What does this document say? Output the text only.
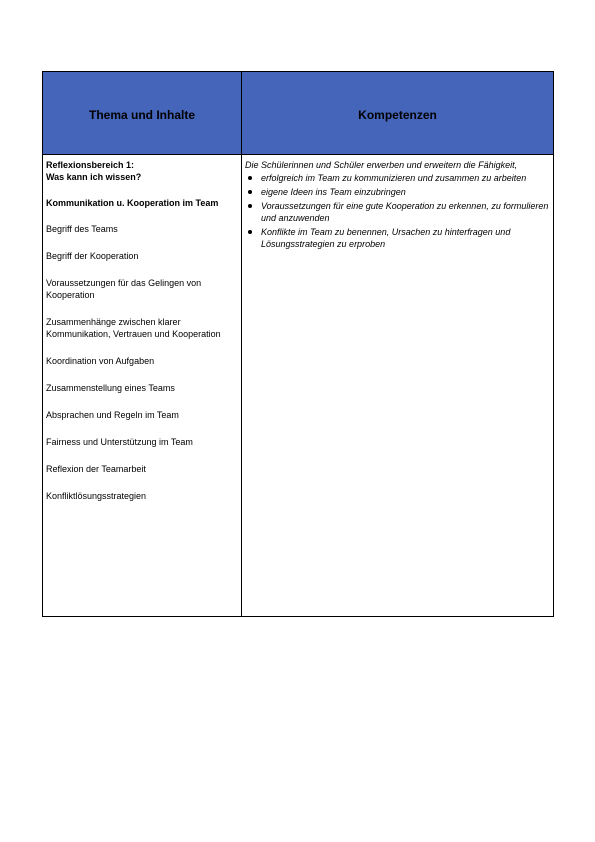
Thema und Inhalte	Kompetenzen

Reflexionsbereich 1:
Was kann ich wissen?

Kommunikation u. Kooperation im Team

Begriff des Teams

Begriff der Kooperation

Voraussetzungen für das Gelingen von Kooperation

Zusammenhänge zwischen klarer Kommunikation, Vertrauen und Kooperation

Koordination von Aufgaben

Zusammenstellung eines Teams

Absprachen und Regeln im Team

Fairness und Unterstützung im Team

Reflexion der Teamarbeit

Konfliktlösungsstrategien

Die Schülerinnen und Schüler erwerben und erweitern die Fähigkeit,

erfolgreich im Team zu kommunizieren und zusammen zu arbeiten
eigene Ideen ins Team einzubringen
Voraussetzungen für eine gute Kooperation zu erkennen, zu formulieren und anzuwenden
Konflikte im Team zu benennen, Ursachen zu hinterfragen und Lösungsstrategien zu erproben
